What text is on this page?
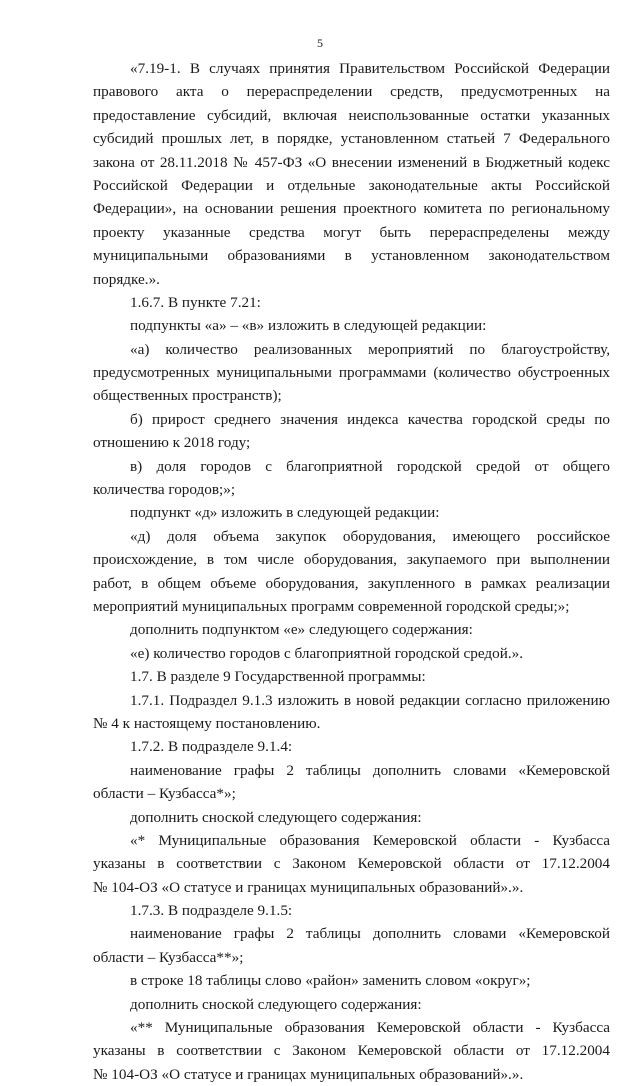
5
«7.19-1. В случаях принятия Правительством Российской Федерации
правового акта о перераспределении средств, предусмотренных на
предоставление субсидий, включая неиспользованные остатки указанных
субсидий прошлых лет, в порядке, установленном статьей 7 Федерального
закона от 28.11.2018 № 457-ФЗ «О внесении изменений в Бюджетный кодекс
Российской Федерации и отдельные законодательные акты Российской
Федерации», на основании решения проектного комитета по региональному
проекту указанные средства могут быть перераспределены между
муниципальными образованиями в установленном законодательством
порядке.».
1.6.7. В пункте 7.21:
подпункты «а» – «в» изложить в следующей редакции:
«а) количество реализованных мероприятий по благоустройству,
предусмотренных муниципальными программами (количество обустроенных
общественных пространств);
б) прирост среднего значения индекса качества городской среды по
отношению к 2018 году;
в) доля городов с благоприятной городской средой от общего
количества городов;»;
подпункт «д» изложить в следующей редакции:
«д) доля объема закупок оборудования, имеющего российское
происхождение, в том числе оборудования, закупаемого при выполнении
работ, в общем объеме оборудования, закупленного в рамках реализации
мероприятий муниципальных программ современной городской среды;»;
дополнить подпунктом «е» следующего содержания:
«е) количество городов с благоприятной городской средой.».
1.7. В разделе 9 Государственной программы:
1.7.1. Подраздел 9.1.3 изложить в новой редакции согласно приложению
№ 4 к настоящему постановлению.
1.7.2. В подразделе 9.1.4:
наименование графы 2 таблицы дополнить словами «Кемеровской
области – Кузбасса*»;
дополнить сноской следующего содержания:
«* Муниципальные образования Кемеровской области - Кузбасса
указаны в соответствии с Законом Кемеровской области от 17.12.2004
№ 104-ОЗ «О статусе и границах муниципальных образований».».
1.7.3. В подразделе 9.1.5:
наименование графы 2 таблицы дополнить словами «Кемеровской
области – Кузбасса**»;
в строке 18 таблицы слово «район» заменить словом «округ»;
дополнить сноской следующего содержания:
«** Муниципальные образования Кемеровской области - Кузбасса
указаны в соответствии с Законом Кемеровской области от 17.12.2004
№ 104-ОЗ «О статусе и границах муниципальных образований».».
